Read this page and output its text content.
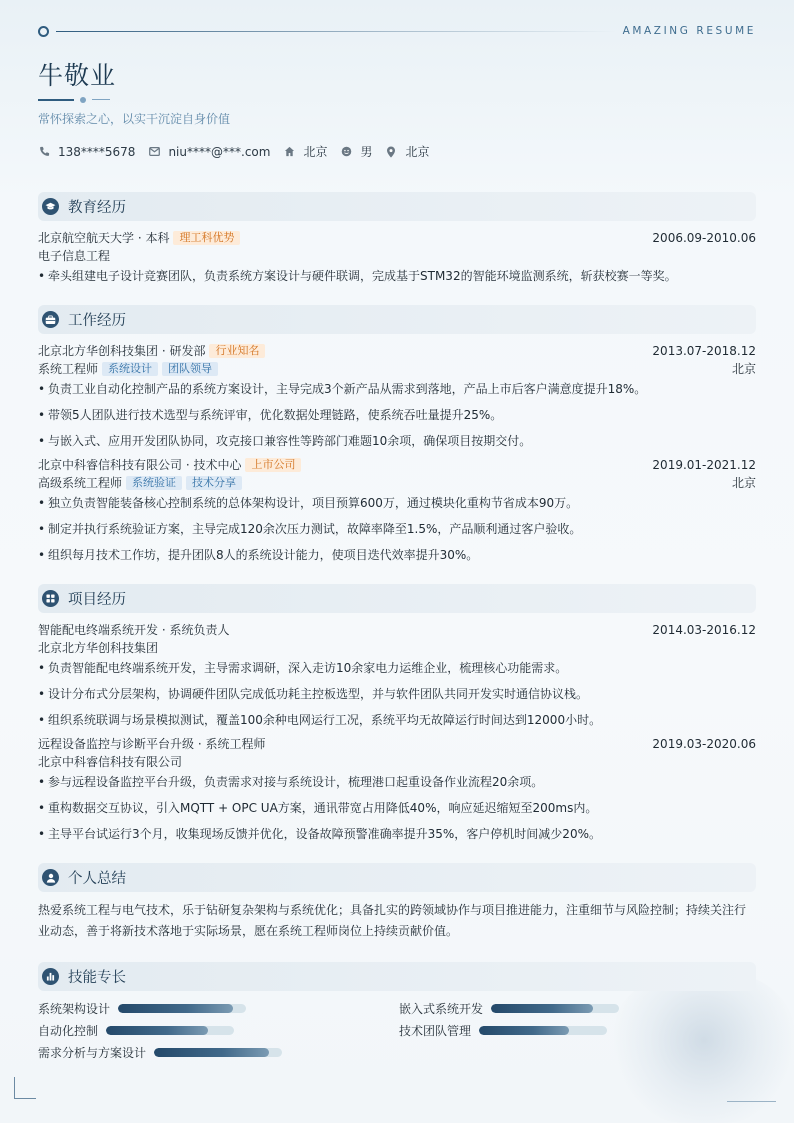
AMAZING RESUME
牛敬业
常怀探索之心，以实干沉淀自身价值
138****5678	niu****@***.com	北京	男	北京
教育经历
北京航空航天大学 · 本科 理工科优势	2006.09-2010.06
电子信息工程
• 牵头组建电子设计竞赛团队，负责系统方案设计与硬件联调，完成基于STM32的智能环境监测系统，斩获校赛一等奖。
工作经历
北京北方华创科技集团 · 研发部 行业知名	2013.07-2018.12
系统工程师 系统设计 团队领导	北京
• 负责工业自动化控制产品的系统方案设计，主导完成3个新产品从需求到落地，产品上市后客户满意度提升18%。
• 带领5人团队进行技术选型与系统评审，优化数据处理链路，使系统吞吐量提升25%。
• 与嵌入式、应用开发团队协同，攻克接口兼容性等跨部门难题10余项，确保项目按期交付。
北京中科睿信科技有限公司 · 技术中心 上市公司	2019.01-2021.12
高级系统工程师 系统验证 技术分享	北京
• 独立负责智能装备核心控制系统的总体架构设计，项目预算600万，通过模块化重构节省成本90万。
• 制定并执行系统验证方案，主导完成120余次压力测试，故障率降至1.5%，产品顺利通过客户验收。
• 组织每月技术工作坊，提升团队8人的系统设计能力，使项目迭代效率提升30%。
项目经历
智能配电终端系统开发 · 系统负责人	2014.03-2016.12
北京北方华创科技集团
• 负责智能配电终端系统开发，主导需求调研，深入走访10余家电力运维企业，梳理核心功能需求。
• 设计分布式分层架构，协调硬件团队完成低功耗主控板选型，并与软件团队共同开发实时通信协议栈。
• 组织系统联调与场景模拟测试，覆盖100余种电网运行工况，系统平均无故障运行时间达到12000小时。
远程设备监控与诊断平台升级 · 系统工程师	2019.03-2020.06
北京中科睿信科技有限公司
• 参与远程设备监控平台升级，负责需求对接与系统设计，梳理港口起重设备作业流程20余项。
• 重构数据交互协议，引入MQTT + OPC UA方案，通讯带宽占用降低40%，响应延迟缩短至200ms内。
• 主导平台试运行3个月，收集现场反馈并优化，设备故障预警准确率提升35%，客户停机时间减少20%。
个人总结
热爱系统工程与电气技术，乐于钻研复杂架构与系统优化；具备扎实的跨领域协作与项目推进能力，注重细节与风险控制；持续关注行业动态，善于将新技术落地于实际场景，愿在系统工程师岗位上持续贡献价值。
技能专长
系统架构设计	嵌入式系统开发
自动化控制	技术团队管理
需求分析与方案设计
